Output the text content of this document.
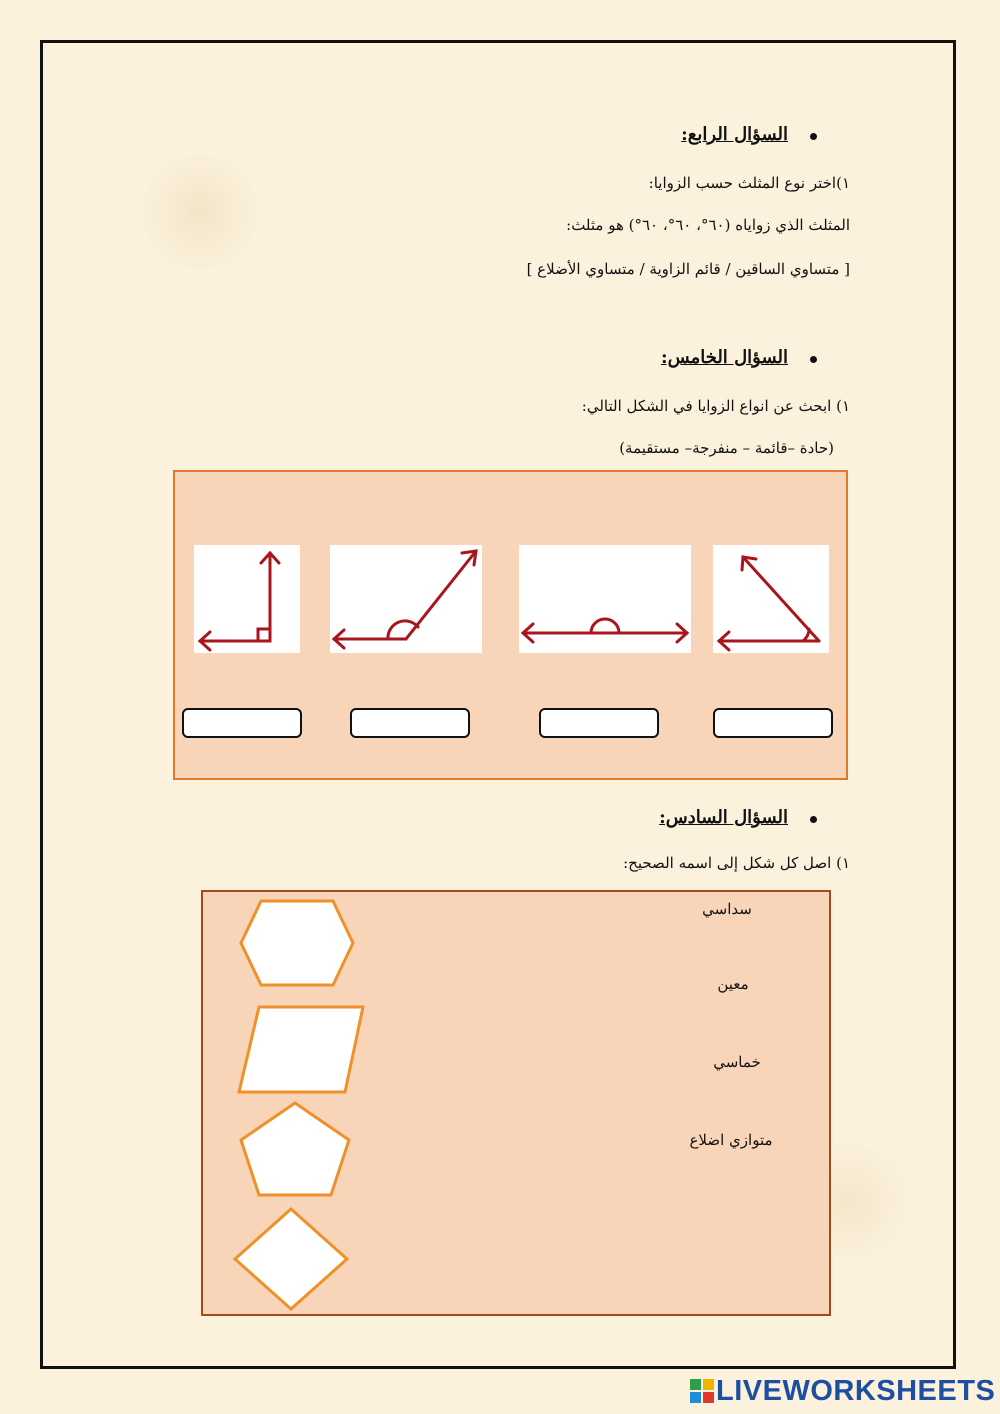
السؤال الرابع:
١)اختر نوع المثلث حسب الزوايا:
المثلث الذي زواياه (٦٠°، ٦٠°، ٦٠°) هو مثلث:
[ متساوي الساقين / قائم الزاوية / متساوي الأضلاع ]
السؤال الخامس:
١) ابحث عن انواع الزوايا في الشكل التالي:
(حادة –قائمة – منفرجة– مستقيمة)
السؤال السادس:
١) اصل كل شكل إلى اسمه الصحيح:
سداسي
معين
خماسي
متوازي اضلاع
LIVEWORKSHEETS
